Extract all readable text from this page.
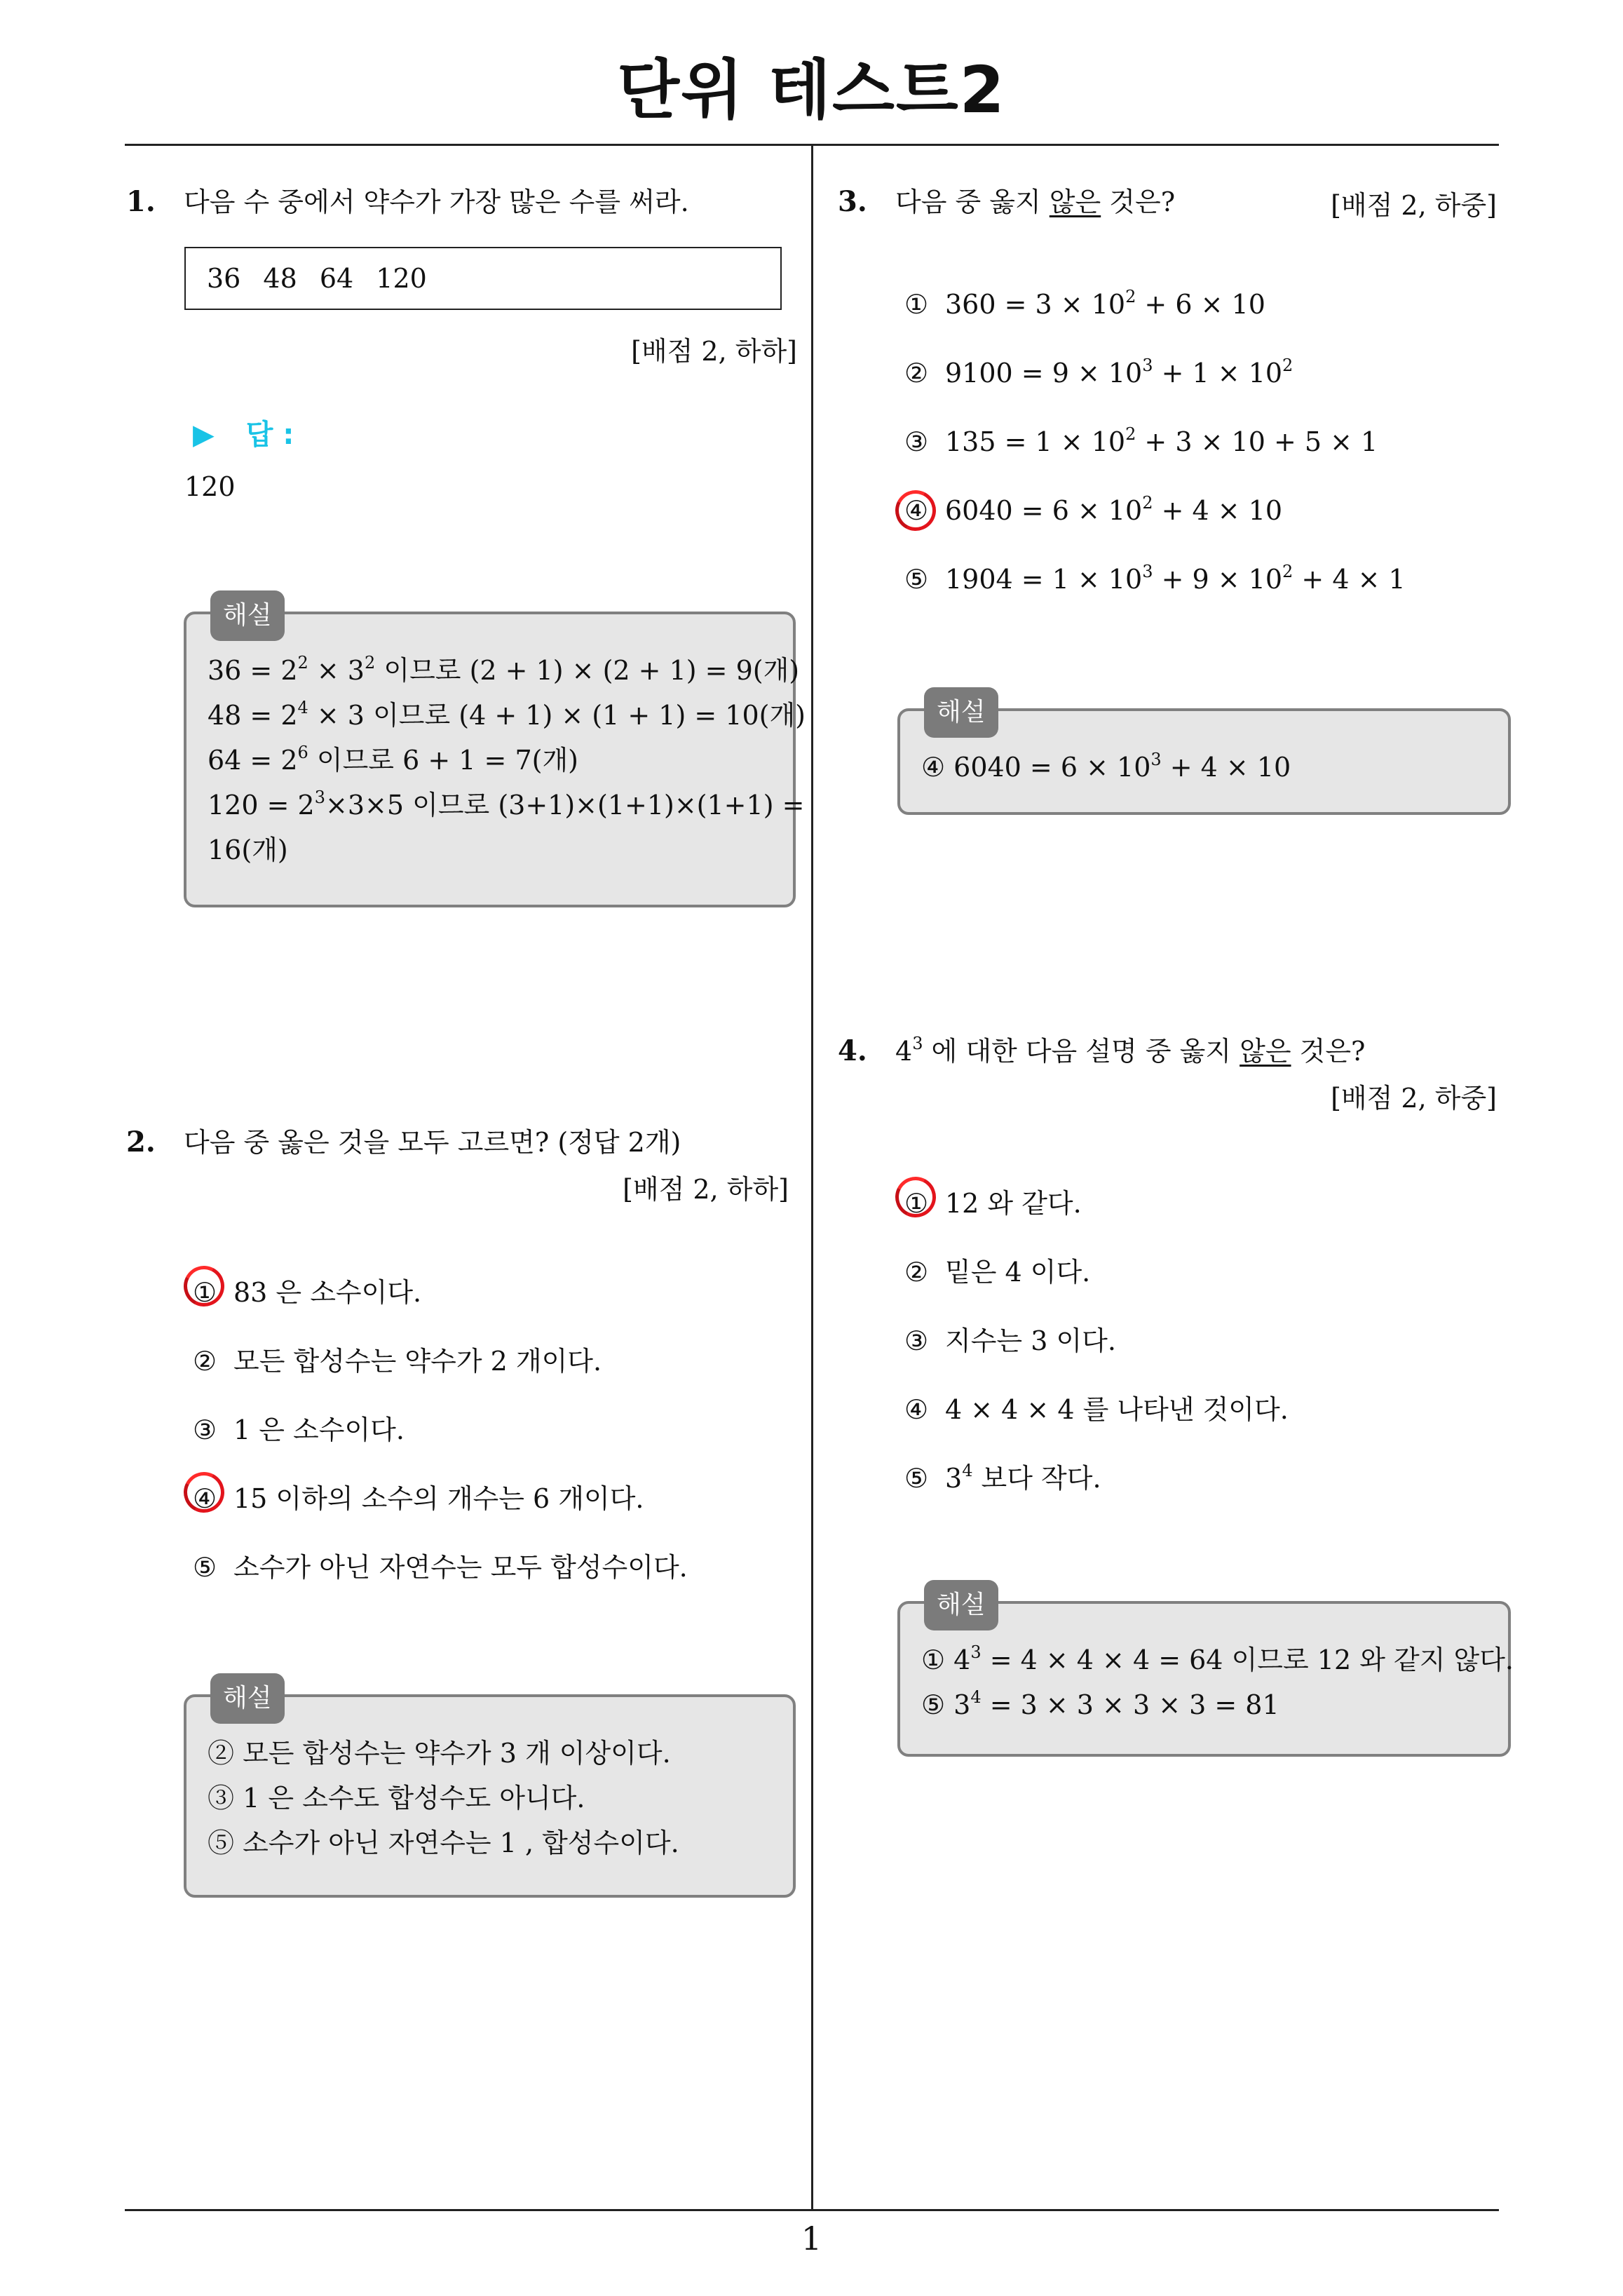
단위 테스트2
1. 다음 수 중에서 약수가 가장 많은 수를 써라.
36 48 64 120
[배점 2, 하하]
▶ 답 :
120
해설
$36 = 2^2 \times 3^2$ 이므로 (2 + 1) × (2 + 1) = 9(개)
$48 = 2^4 \times 3$ 이므로 (4 + 1) × (1 + 1) = 10(개)
$64 = 2^6$ 이므로 6 + 1 = 7(개)
$120 = 2^3\times 3\times 5$ 이므로 (3+1)×(1+1)×(1+1) =
16(개)
2. 다음 중 옳은 것을 모두 고르면? (정답 2개)
[배점 2, 하하]
① 83 은 소수이다.
② 모든 합성수는 약수가 2 개이다.
③ 1 은 소수이다.
④ 15 이하의 소수의 개수는 6 개이다.
⑤ 소수가 아닌 자연수는 모두 합성수이다.
해설
② 모든 합성수는 약수가 3 개 이상이다.
③ 1 은 소수도 합성수도 아니다.
⑤ 소수가 아닌 자연수는 1 , 합성수이다.
3. 다음 중 옳지 않은 것은?	[배점 2, 하중]
① $360 = 3 \times 10^2 + 6 \times 10$
② $9100 = 9 \times 10^3 + 1 \times 10^2$
③ $135 = 1 \times 10^2 + 3 \times 10 + 5 \times 1$
④ $6040 = 6 \times 10^2 + 4 \times 10$
⑤ $1904 = 1 \times 10^3 + 9 \times 10^2 + 4 \times 1$
해설
④ $6040 = 6 \times 10^3 + 4 \times 10$
4. $4^3$ 에 대한 다음 설명 중 옳지 않은 것은?
[배점 2, 하중]
① 12 와 같다.
② 밑은 4 이다.
③ 지수는 3 이다.
④ 4 × 4 × 4 를 나타낸 것이다.
⑤ $3^4$ 보다 작다.
해설
① $4^3 = 4 \times 4 \times 4 = 64$ 이므로 12 와 같지 않다.
⑤ $3^4 = 3 \times 3 \times 3 \times 3 = 81$
1
